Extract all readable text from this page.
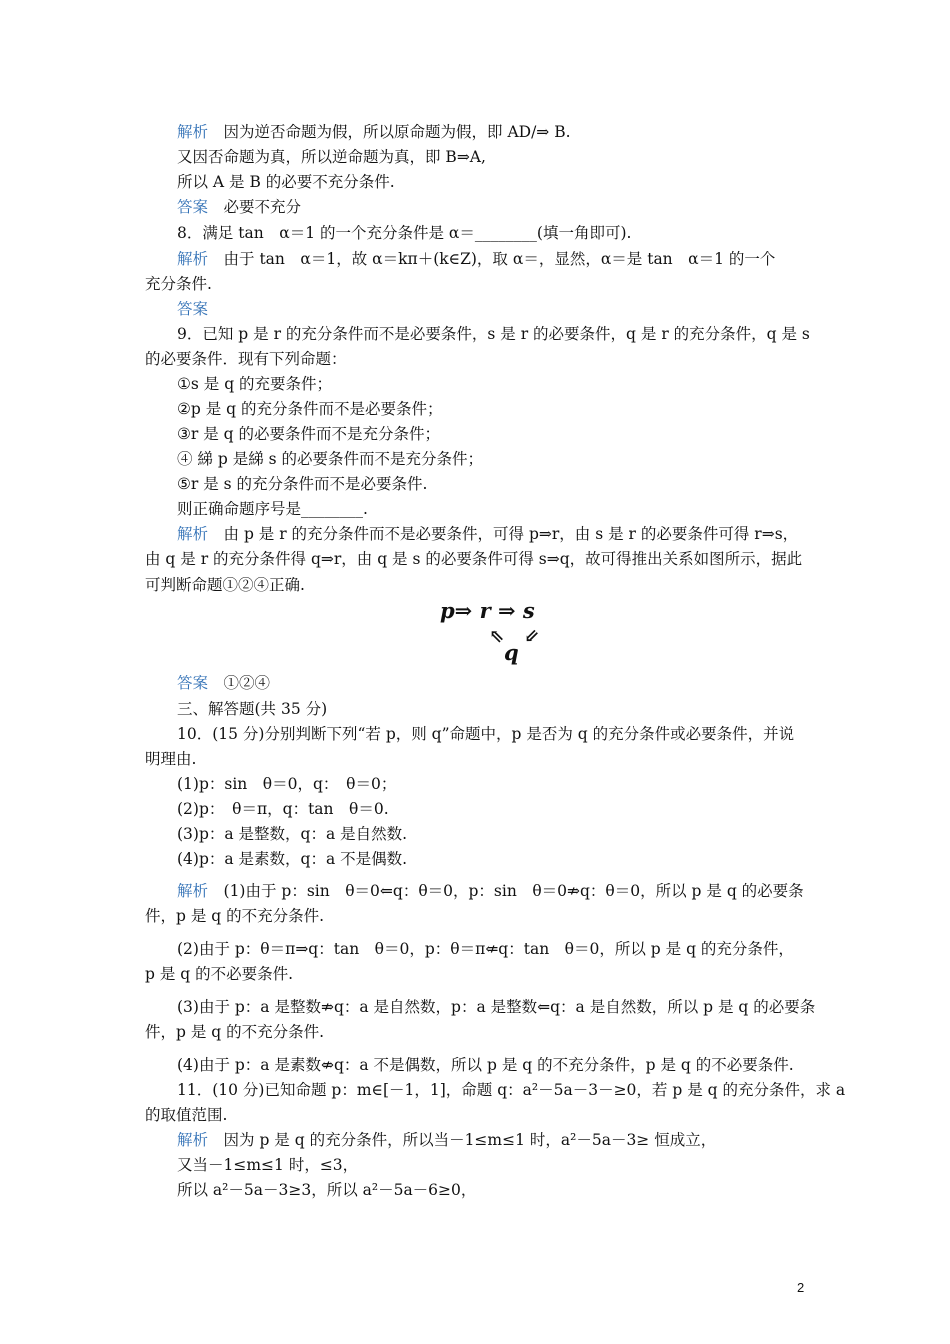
解析　因为逆否命题为假，所以原命题为假，即 AD/⇒ B.
又因否命题为真，所以逆命题为真，即 B⇒A,
所以 A 是 B 的必要不充分条件.
答案　必要不充分
8．满足 tan　α＝1 的一个充分条件是 α＝________(填一角即可).
解析　由于 tan　α＝1，故 α＝kπ＋(k∈Z)，取 α＝，显然，α＝是 tan　α＝1 的一个
充分条件.
答案
9．已知 p 是 r 的充分条件而不是必要条件，s 是 r 的必要条件，q 是 r 的充分条件，q 是 s
的必要条件．现有下列命题：
①s 是 q 的充要条件；
②p 是 q 的充分条件而不是必要条件；
③r 是 q 的必要条件而不是充分条件；
④ 綈 p 是綈 s 的必要条件而不是充分条件；
⑤r 是 s 的充分条件而不是必要条件.
则正确命题序号是________.
解析　由 p 是 r 的充分条件而不是必要条件，可得 p⇒r，由 s 是 r 的必要条件可得 r⇒s，
由 q 是 r 的充分条件得 q⇒r，由 q 是 s 的必要条件可得 s⇒q，故可得推出关系如图所示，据此
可判断命题①②④正确.
答案　①②④
三、解答题(共 35 分)
10．(15 分)分别判断下列“若 p，则 q”命题中，p 是否为 q 的充分条件或必要条件，并说
明理由.
(1)p：sin　θ＝0，q：　θ＝0；
(2)p：　θ＝π，q：tan　θ＝0.
(3)p：a 是整数，q：a 是自然数.
(4)p：a 是素数，q：a 不是偶数.
解析　(1)由于 p：sin　θ＝0⇐q：θ＝0，p：sin　θ＝0⇏q：θ＝0，所以 p 是 q 的必要条
件，p 是 q 的不充分条件.
(2)由于 p：θ＝π⇒q：tan　θ＝0，p：θ＝π⇍q：tan　θ＝0，所以 p 是 q 的充分条件，
p 是 q 的不必要条件.
(3)由于 p：a 是整数⇏q：a 是自然数，p：a 是整数⇐q：a 是自然数，所以 p 是 q 的必要条
件，p 是 q 的不充分条件.
(4)由于 p：a 是素数⇎q：a 不是偶数，所以 p 是 q 的不充分条件，p 是 q 的不必要条件.
11．(10 分)已知命题 p：m∈[－1，1]，命题 q：a²－5a－3－≥0，若 p 是 q 的充分条件，求 a
的取值范围.
解析　因为 p 是 q 的充分条件，所以当－1≤m≤1 时，a²－5a－3≥ 恒成立，
又当－1≤m≤1 时，≤3，
所以 a²－5a－3≥3，所以 a²－5a－6≥0，
p⇒ r ⇒ s
⇖ ⇙
q
2
